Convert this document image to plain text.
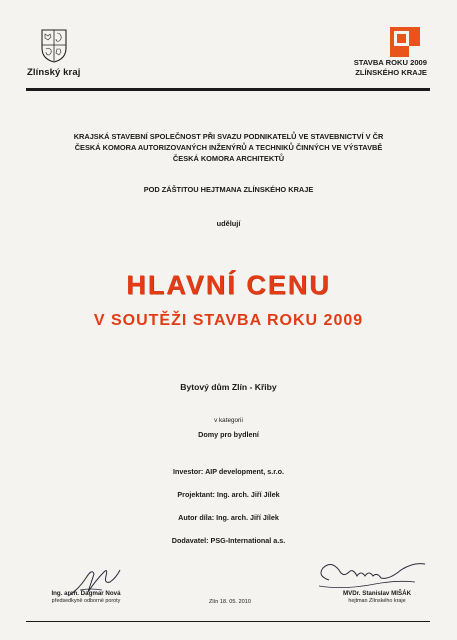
Zlínský kraj
STAVBA ROKU 2009
ZLÍNSKÉHO KRAJE
KRAJSKÁ STAVEBNÍ SPOLEČNOST PŘI SVAZU PODNIKATELŮ VE STAVEBNICTVÍ V ČR
ČESKÁ KOMORA AUTORIZOVANÝCH INŽENÝRŮ A TECHNIKŮ ČINNÝCH VE VÝSTAVBĚ
ČESKÁ KOMORA ARCHITEKTŮ
POD ZÁŠTITOU HEJTMANA ZLÍNSKÉHO KRAJE
udělují
HLAVNÍ CENU
V SOUTĚŽI STAVBA ROKU 2009
Bytový dům Zlín - Křiby
v kategorii
Domy pro bydlení
Investor: AIP development, s.r.o.
Projektant: Ing. arch. Jiří Jílek
Autor díla: Ing. arch. Jiří Jílek
Dodavatel: PSG-International a.s.
Ing. arch. Dagmar Nová
předsedkyně odborné poroty	Zlín 18. 05. 2010
MVDr. Stanislav MIŠÁK
hejtman Zlínského kraje
